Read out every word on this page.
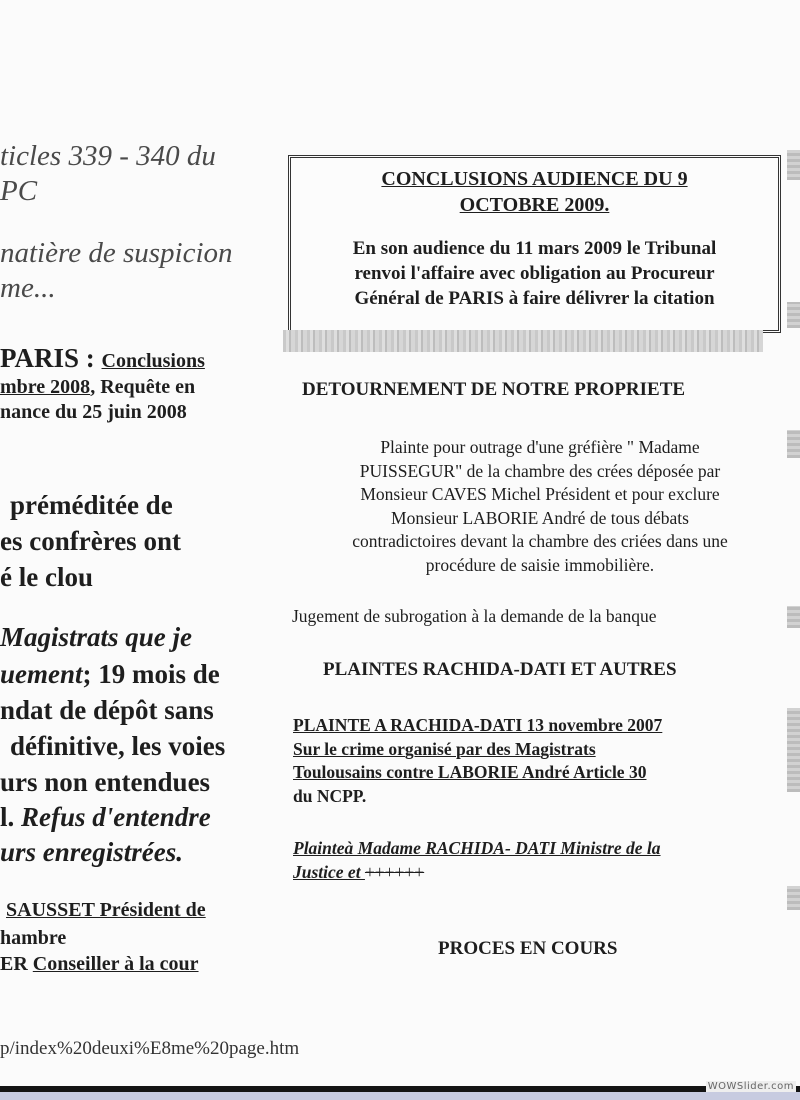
ticles 339 - 340 du

PC

natière de suspicion

me...

PARIS : Conclusions

mbre 2008, Requête en

nance du 25 juin 2008

préméditée de

es confrères ont

é le clou

Magistrats que je

uement; 19 mois de

ndat de dépôt sans

définitive, les voies

urs non entendues

l. Refus d'entendre

urs enregistrées.

SAUSSET Président de

hambre

ER Conseiller à la cour

p/index%20deuxi%E8me%20page.htm

CONCLUSIONS AUDIENCE DU 9
OCTOBRE 2009.
En son audience du 11 mars 2009 le Tribunal
renvoi l'affaire avec obligation au Procureur
Général de PARIS à faire délivrer la citation

DETOURNEMENT DE NOTRE PROPRIETE

Plainte pour outrage d'une gréfière " Madame
PUISSEGUR" de la chambre des crées déposée par
Monsieur CAVES Michel Président et pour exclure
Monsieur LABORIE André de tous débats
contradictoires devant la chambre des criées dans une
procédure de saisie immobilière.

Jugement de subrogation à la demande de la banque

PLAINTES RACHIDA-DATI ET AUTRES

PLAINTE A RACHIDA-DATI 13 novembre 2007
Sur le crime organisé par des Magistrats
Toulousains contre LABORIE André Article 30
du NCPP.
Plainteà Madame RACHIDA- DATI Ministre de la
Justice et ++++++

PROCES EN COURS

WOWSlider.com
